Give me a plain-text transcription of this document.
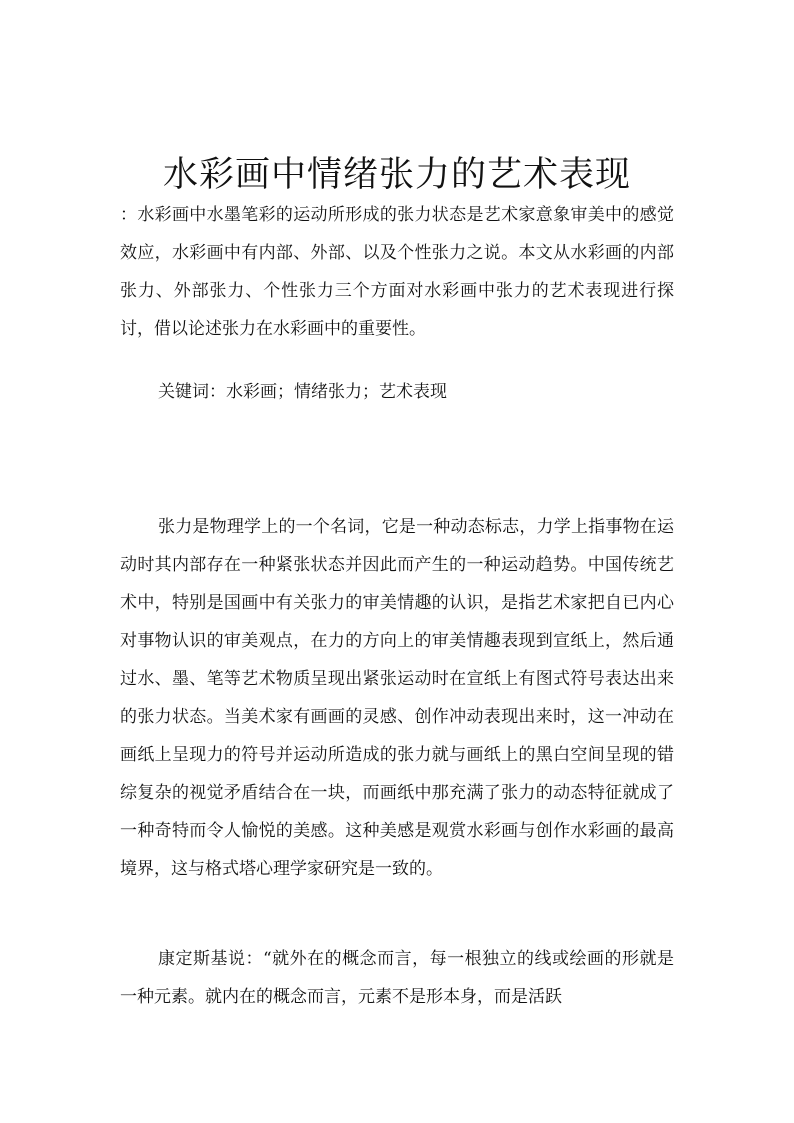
水彩画中情绪张力的艺术表现

：水彩画中水墨笔彩的运动所形成的张力状态是艺术家意象审美中的感觉效应，水彩画中有内部、外部、以及个性张力之说。本文从水彩画的内部张力、外部张力、个性张力三个方面对水彩画中张力的艺术表现进行探讨，借以论述张力在水彩画中的重要性。

关键词：水彩画；情绪张力；艺术表现

张力是物理学上的一个名词，它是一种动态标志，力学上指事物在运动时其内部存在一种紧张状态并因此而产生的一种运动趋势。中国传统艺术中，特别是国画中有关张力的审美情趣的认识，是指艺术家把自已内心对事物认识的审美观点，在力的方向上的审美情趣表现到宣纸上，然后通过水、墨、笔等艺术物质呈现出紧张运动时在宣纸上有图式符号表达出来的张力状态。当美术家有画画的灵感、创作冲动表现出来时，这一冲动在画纸上呈现力的符号并运动所造成的张力就与画纸上的黑白空间呈现的错综复杂的视觉矛盾结合在一块，而画纸中那充满了张力的动态特征就成了一种奇特而令人愉悦的美感。这种美感是观赏水彩画与创作水彩画的最高境界，这与格式塔心理学家研究是一致的。

康定斯基说：“就外在的概念而言，每一根独立的线或绘画的形就是一种元素。就内在的概念而言，元素不是形本身，而是活跃
